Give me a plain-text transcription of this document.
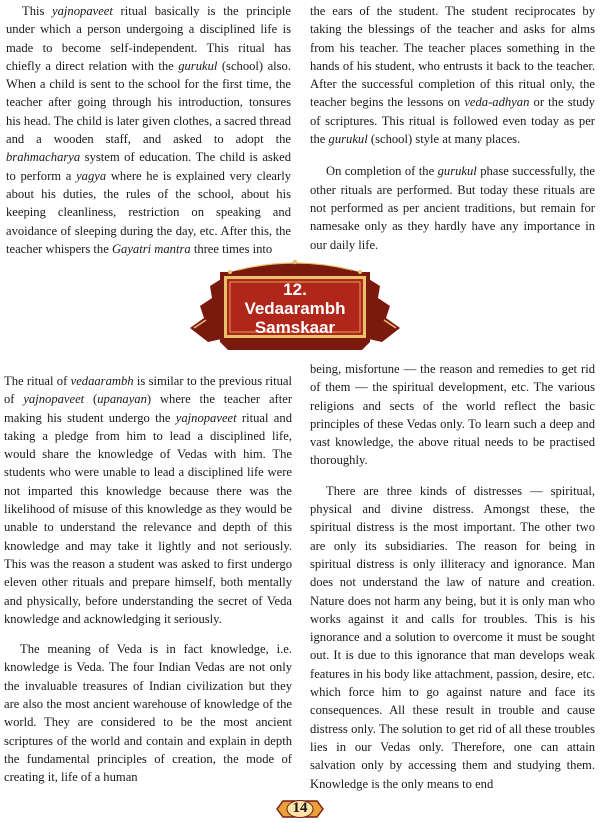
This yajnopaveet ritual basically is the principle under which a person undergoing a disciplined life is made to become self-independent. This ritual has chiefly a direct relation with the gurukul (school) also. When a child is sent to the school for the first time, the teacher after going through his introduction, tonsures his head. The child is later given clothes, a sacred thread and a wooden staff, and asked to adopt the brahmacharya system of education. The child is asked to perform a yagya where he is explained very clearly about his duties, the rules of the school, about his keeping cleanliness, restriction on speaking and avoidance of sleeping during the day, etc. After this, the teacher whispers the Gayatri mantra three times into

the ears of the student. The student reciprocates by taking the blessings of the teacher and asks for alms from his teacher. The teacher places something in the hands of his student, who entrusts it back to the teacher. After the successful completion of this ritual only, the teacher begins the lessons on veda-adhyan or the study of scriptures. This ritual is followed even today as per the gurukul (school) style at many places.

On completion of the gurukul phase successfully, the other rituals are performed. But today these rituals are not performed as per ancient traditions, but remain for namesake only as they hardly have any importance in our daily life.

12.
Vedaarambh
Samskaar

The ritual of vedaarambh is similar to the previous ritual of yajnopaveet (upanayan) where the teacher after making his student undergo the yajnopaveet ritual and taking a pledge from him to lead a disciplined life, would share the knowledge of Vedas with him. The students who were unable to lead a disciplined life were not imparted this knowledge because there was the likelihood of misuse of this knowledge as they would be unable to understand the relevance and depth of this knowledge and may take it lightly and not seriously. This was the reason a student was asked to first undergo eleven other rituals and prepare himself, both mentally and physically, before understanding the secret of Veda knowledge and acknowledging it seriously.

The meaning of Veda is in fact knowledge, i.e. knowledge is Veda. The four Indian Vedas are not only the invaluable treasures of Indian civilization but they are also the most ancient warehouse of knowledge of the world. They are considered to be the most ancient scriptures of the world and contain and explain in depth the fundamental principles of creation, the mode of creating it, life of a human

being, misfortune — the reason and remedies to get rid of them — the spiritual development, etc. The various religions and sects of the world reflect the basic principles of these Vedas only. To learn such a deep and vast knowledge, the above ritual needs to be practised thoroughly.

There are three kinds of distresses — spiritual, physical and divine distress. Amongst these, the spiritual distress is the most important. The other two are only its subsidiaries. The reason for being in spiritual distress is only illiteracy and ignorance. Man does not understand the law of nature and creation. Nature does not harm any being, but it is only man who works against it and calls for troubles. This is his ignorance and a solution to overcome it must be sought out. It is due to this ignorance that man develops weak features in his body like attachment, passion, desire, etc. which force him to go against nature and face its consequences. All these result in trouble and cause distress only. The solution to get rid of all these troubles lies in our Vedas only. Therefore, one can attain salvation only by accessing them and studying them. Knowledge is the only means to end

14
